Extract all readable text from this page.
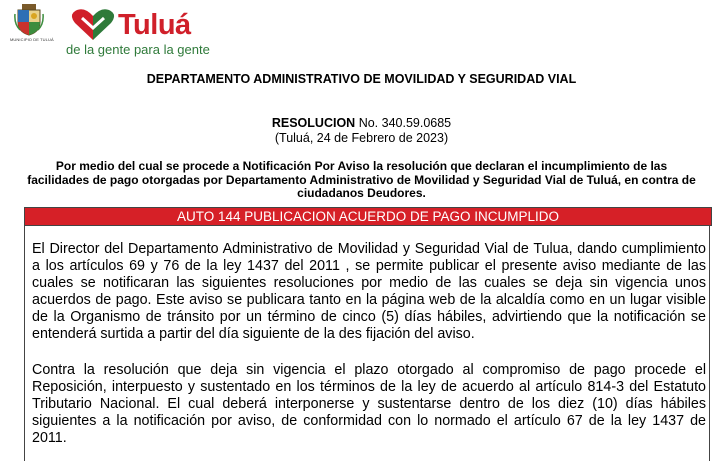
MUNICIPIO DE TULUÁ Tuluá
de la gente para la gente
DEPARTAMENTO ADMINISTRATIVO DE MOVILIDAD Y SEGURIDAD VIAL
RESOLUCION No. 340.59.0685
(Tuluá, 24 de Febrero de 2023)
Por medio del cual se procede a Notificación Por Aviso la resolución que declaran el incumplimiento de las facilidades de pago otorgadas por Departamento Administrativo de Movilidad y Seguridad Vial de Tuluá, en contra de ciudadanos Deudores.
AUTO 144 PUBLICACION ACUERDO DE PAGO INCUMPLIDO
El Director del Departamento Administrativo de Movilidad y Seguridad Vial de Tulua, dando cumplimiento a los artículos 69 y 76 de la ley 1437 del 2011 , se permite publicar el presente aviso mediante de las cuales se notificaran las siguientes resoluciones por medio de las cuales se deja sin vigencia unos acuerdos de pago. Este aviso se publicara tanto en la página web de la alcaldía como en un lugar visible de la Organismo de tránsito por un término de cinco (5) días hábiles, advirtiendo que la notificación se entenderá surtida a partir del día siguiente de la des fijación del aviso.
Contra la resolución que deja sin vigencia el plazo otorgado al compromiso de pago procede el Reposición, interpuesto y sustentado en los términos de la ley de acuerdo al artículo 814-3 del Estatuto Tributario Nacional. El cual deberá interponerse y sustentarse dentro de los diez (10) días hábiles siguientes a la notificación por aviso, de conformidad con lo normado el artículo 67 de la ley 1437 de 2011.
